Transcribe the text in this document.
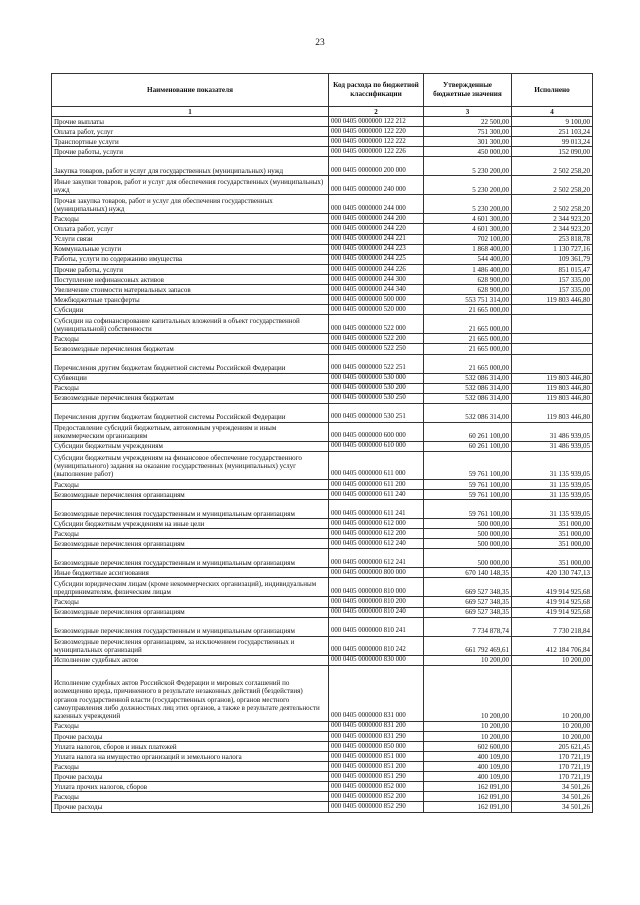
23
Наименование показателя	Код расхода по бюджетной классификации	Утвержденные бюджетные значения	Исполнено
1	2	3	4
Прочие выплаты	000 0405 0000000 122 212	22 500,00	9 100,00
Оплата работ, услуг	000 0405 0000000 122 220	751 300,00	251 103,24
Транспортные услуги	000 0405 0000000 122 222	301 300,00	99 013,24
Прочие работы, услуги	000 0405 0000000 122 226	450 000,00	152 090,00
Закупка товаров, работ и услуг для государственных (муниципальных) нужд	000 0405 0000000 200 000	5 230 200,00	2 502 258,20
Иные закупки товаров, работ и услуг для обеспечения государственных (муниципальных) нужд	000 0405 0000000 240 000	5 230 200,00	2 502 258,20
Прочая закупка товаров, работ и услуг для обеспечения государственных (муниципальных) нужд	000 0405 0000000 244 000	5 230 200,00	2 502 258,20
Расходы	000 0405 0000000 244 200	4 601 300,00	2 344 923,20
Оплата работ, услуг	000 0405 0000000 244 220	4 601 300,00	2 344 923,20
Услуги связи	000 0405 0000000 244 221	702 100,00	253 818,78
Коммунальные услуги	000 0405 0000000 244 223	1 868 400,00	1 130 727,16
Работы, услуги по содержанию имущества	000 0405 0000000 244 225	544 400,00	109 361,79
Прочие работы, услуги	000 0405 0000000 244 226	1 486 400,00	851 015,47
Поступление нефинансовых активов	000 0405 0000000 244 300	628 900,00	157 335,00
Увеличение стоимости материальных запасов	000 0405 0000000 244 340	628 900,00	157 335,00
Межбюджетные трансферты	000 0405 0000000 500 000	553 751 314,00	119 803 446,80
Субсидии	000 0405 0000000 520 000	21 665 000,00	
Субсидии на софинансирование капитальных вложений в объект государственной (муниципальной) собственности	000 0405 0000000 522 000	21 665 000,00	
Расходы	000 0405 0000000 522 200	21 665 000,00	
Безвозмездные перечисления бюджетам	000 0405 0000000 522 250	21 665 000,00	
Перечисления другим бюджетам бюджетной системы Российской Федерации	000 0405 0000000 522 251	21 665 000,00	
Субвенции	000 0405 0000000 530 000	532 086 314,00	119 803 446,80
Расходы	000 0405 0000000 530 200	532 086 314,00	119 803 446,80
Безвозмездные перечисления бюджетам	000 0405 0000000 530 250	532 086 314,00	119 803 446,80
Перечисления другим бюджетам бюджетной системы Российской Федерации	000 0405 0000000 530 251	532 086 314,00	119 803 446,80
Предоставление субсидий бюджетным, автономным учреждениям и иным некоммерческим организациям	000 0405 0000000 600 000	60 261 100,00	31 486 939,05
Субсидии бюджетным учреждениям	000 0405 0000000 610 000	60 261 100,00	31 486 939,05
Субсидии бюджетным учреждениям на финансовое обеспечение государственного (муниципального) задания на оказание государственных (муниципальных) услуг (выполнение работ)	000 0405 0000000 611 000	59 761 100,00	31 135 939,05
Расходы	000 0405 0000000 611 200	59 761 100,00	31 135 939,05
Безвозмездные перечисления организациям	000 0405 0000000 611 240	59 761 100,00	31 135 939,05
Безвозмездные перечисления государственным и муниципальным организациям	000 0405 0000000 611 241	59 761 100,00	31 135 939,05
Субсидии бюджетным учреждениям на иные цели	000 0405 0000000 612 000	500 000,00	351 000,00
Расходы	000 0405 0000000 612 200	500 000,00	351 000,00
Безвозмездные перечисления организациям	000 0405 0000000 612 240	500 000,00	351 000,00
Безвозмездные перечисления государственным и муниципальным организациям	000 0405 0000000 612 241	500 000,00	351 000,00
Иные бюджетные ассигнования	000 0405 0000000 800 000	670 140 148,35	420 130 747,13
Субсидии юридическим лицам (кроме некоммерческих организаций), индивидуальным предпринимателям, физическим лицам	000 0405 0000000 810 000	669 527 348,35	419 914 925,68
Расходы	000 0405 0000000 810 200	669 527 348,35	419 914 925,68
Безвозмездные перечисления организациям	000 0405 0000000 810 240	669 527 348,35	419 914 925,68
Безвозмездные перечисления государственным и муниципальным организациям	000 0405 0000000 810 241	7 734 878,74	7 730 218,84
Безвозмездные перечисления организациям, за исключением государственных и муниципальных организаций	000 0405 0000000 810 242	661 792 469,61	412 184 706,84
Исполнение судебных актов	000 0405 0000000 830 000	10 200,00	10 200,00
Исполнение судебных актов Российской Федерации и мировых соглашений по возмещению вреда, причиненного в результате незаконных действий (бездействия) органов государственной власти (государственных органов), органов местного самоуправления либо должностных лиц этих органов, а также в результате деятельности казенных учреждений	000 0405 0000000 831 000	10 200,00	10 200,00
Расходы	000 0405 0000000 831 200	10 200,00	10 200,00
Прочие расходы	000 0405 0000000 831 290	10 200,00	10 200,00
Уплата налогов, сборов и иных платежей	000 0405 0000000 850 000	602 600,00	205 621,45
Уплата налога на имущество организаций и земельного налога	000 0405 0000000 851 000	400 109,00	170 721,19
Расходы	000 0405 0000000 851 200	400 109,00	170 721,19
Прочие расходы	000 0405 0000000 851 290	400 109,00	170 721,19
Уплата прочих налогов, сборов	000 0405 0000000 852 000	162 091,00	34 501,26
Расходы	000 0405 0000000 852 200	162 091,00	34 501,26
Прочие расходы	000 0405 0000000 852 290	162 091,00	34 501,26
